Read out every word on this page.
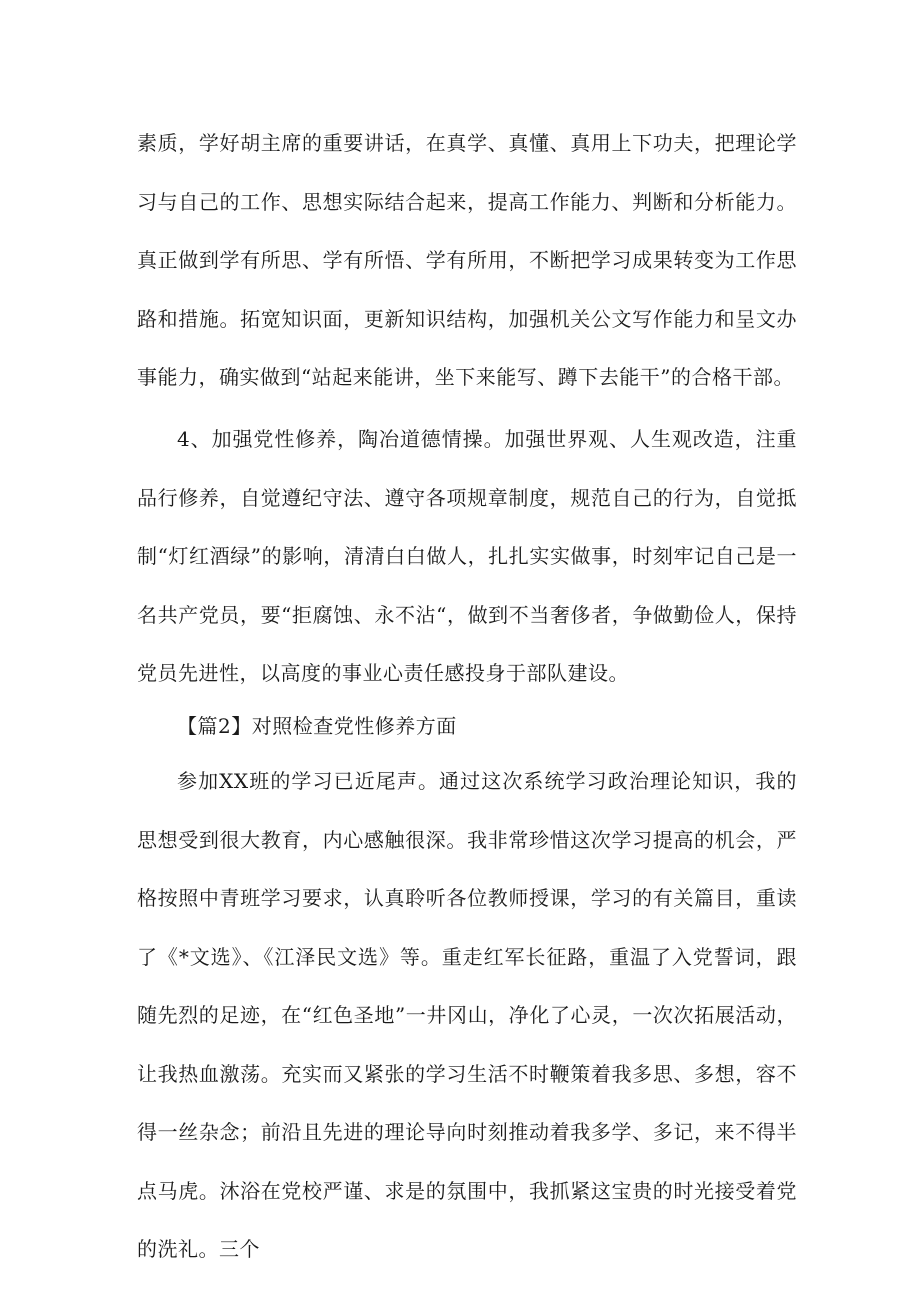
素质，学好胡主席的重要讲话，在真学、真懂、真用上下功夫，把理论学习与自己的工作、思想实际结合起来，提高工作能力、判断和分析能力。真正做到学有所思、学有所悟、学有所用，不断把学习成果转变为工作思路和措施。拓宽知识面，更新知识结构，加强机关公文写作能力和呈文办事能力，确实做到“站起来能讲，坐下来能写、蹲下去能干”的合格干部。

4、加强党性修养，陶冶道德情操。加强世界观、人生观改造，注重品行修养，自觉遵纪守法、遵守各项规章制度，规范自己的行为，自觉抵制“灯红酒绿”的影响，清清白白做人，扎扎实实做事，时刻牢记自己是一名共产党员，要“拒腐蚀、永不沾“，做到不当奢侈者，争做勤俭人，保持党员先进性，以高度的事业心责任感投身于部队建设。

【篇2】对照检查党性修养方面

参加XX班的学习已近尾声。通过这次系统学习政治理论知识，我的思想受到很大教育，内心感触很深。我非常珍惜这次学习提高的机会，严格按照中青班学习要求，认真聆听各位教师授课，学习的有关篇目，重读了《*文选》、《江泽民文选》等。重走红军长征路，重温了入党誓词，跟随先烈的足迹，在“红色圣地”一井冈山，净化了心灵，一次次拓展活动，让我热血激荡。充实而又紧张的学习生活不时鞭策着我多思、多想，容不得一丝杂念；前沿且先进的理论导向时刻推动着我多学、多记，来不得半点马虎。沐浴在党校严谨、求是的氛围中，我抓紧这宝贵的时光接受着党的洗礼。三个
